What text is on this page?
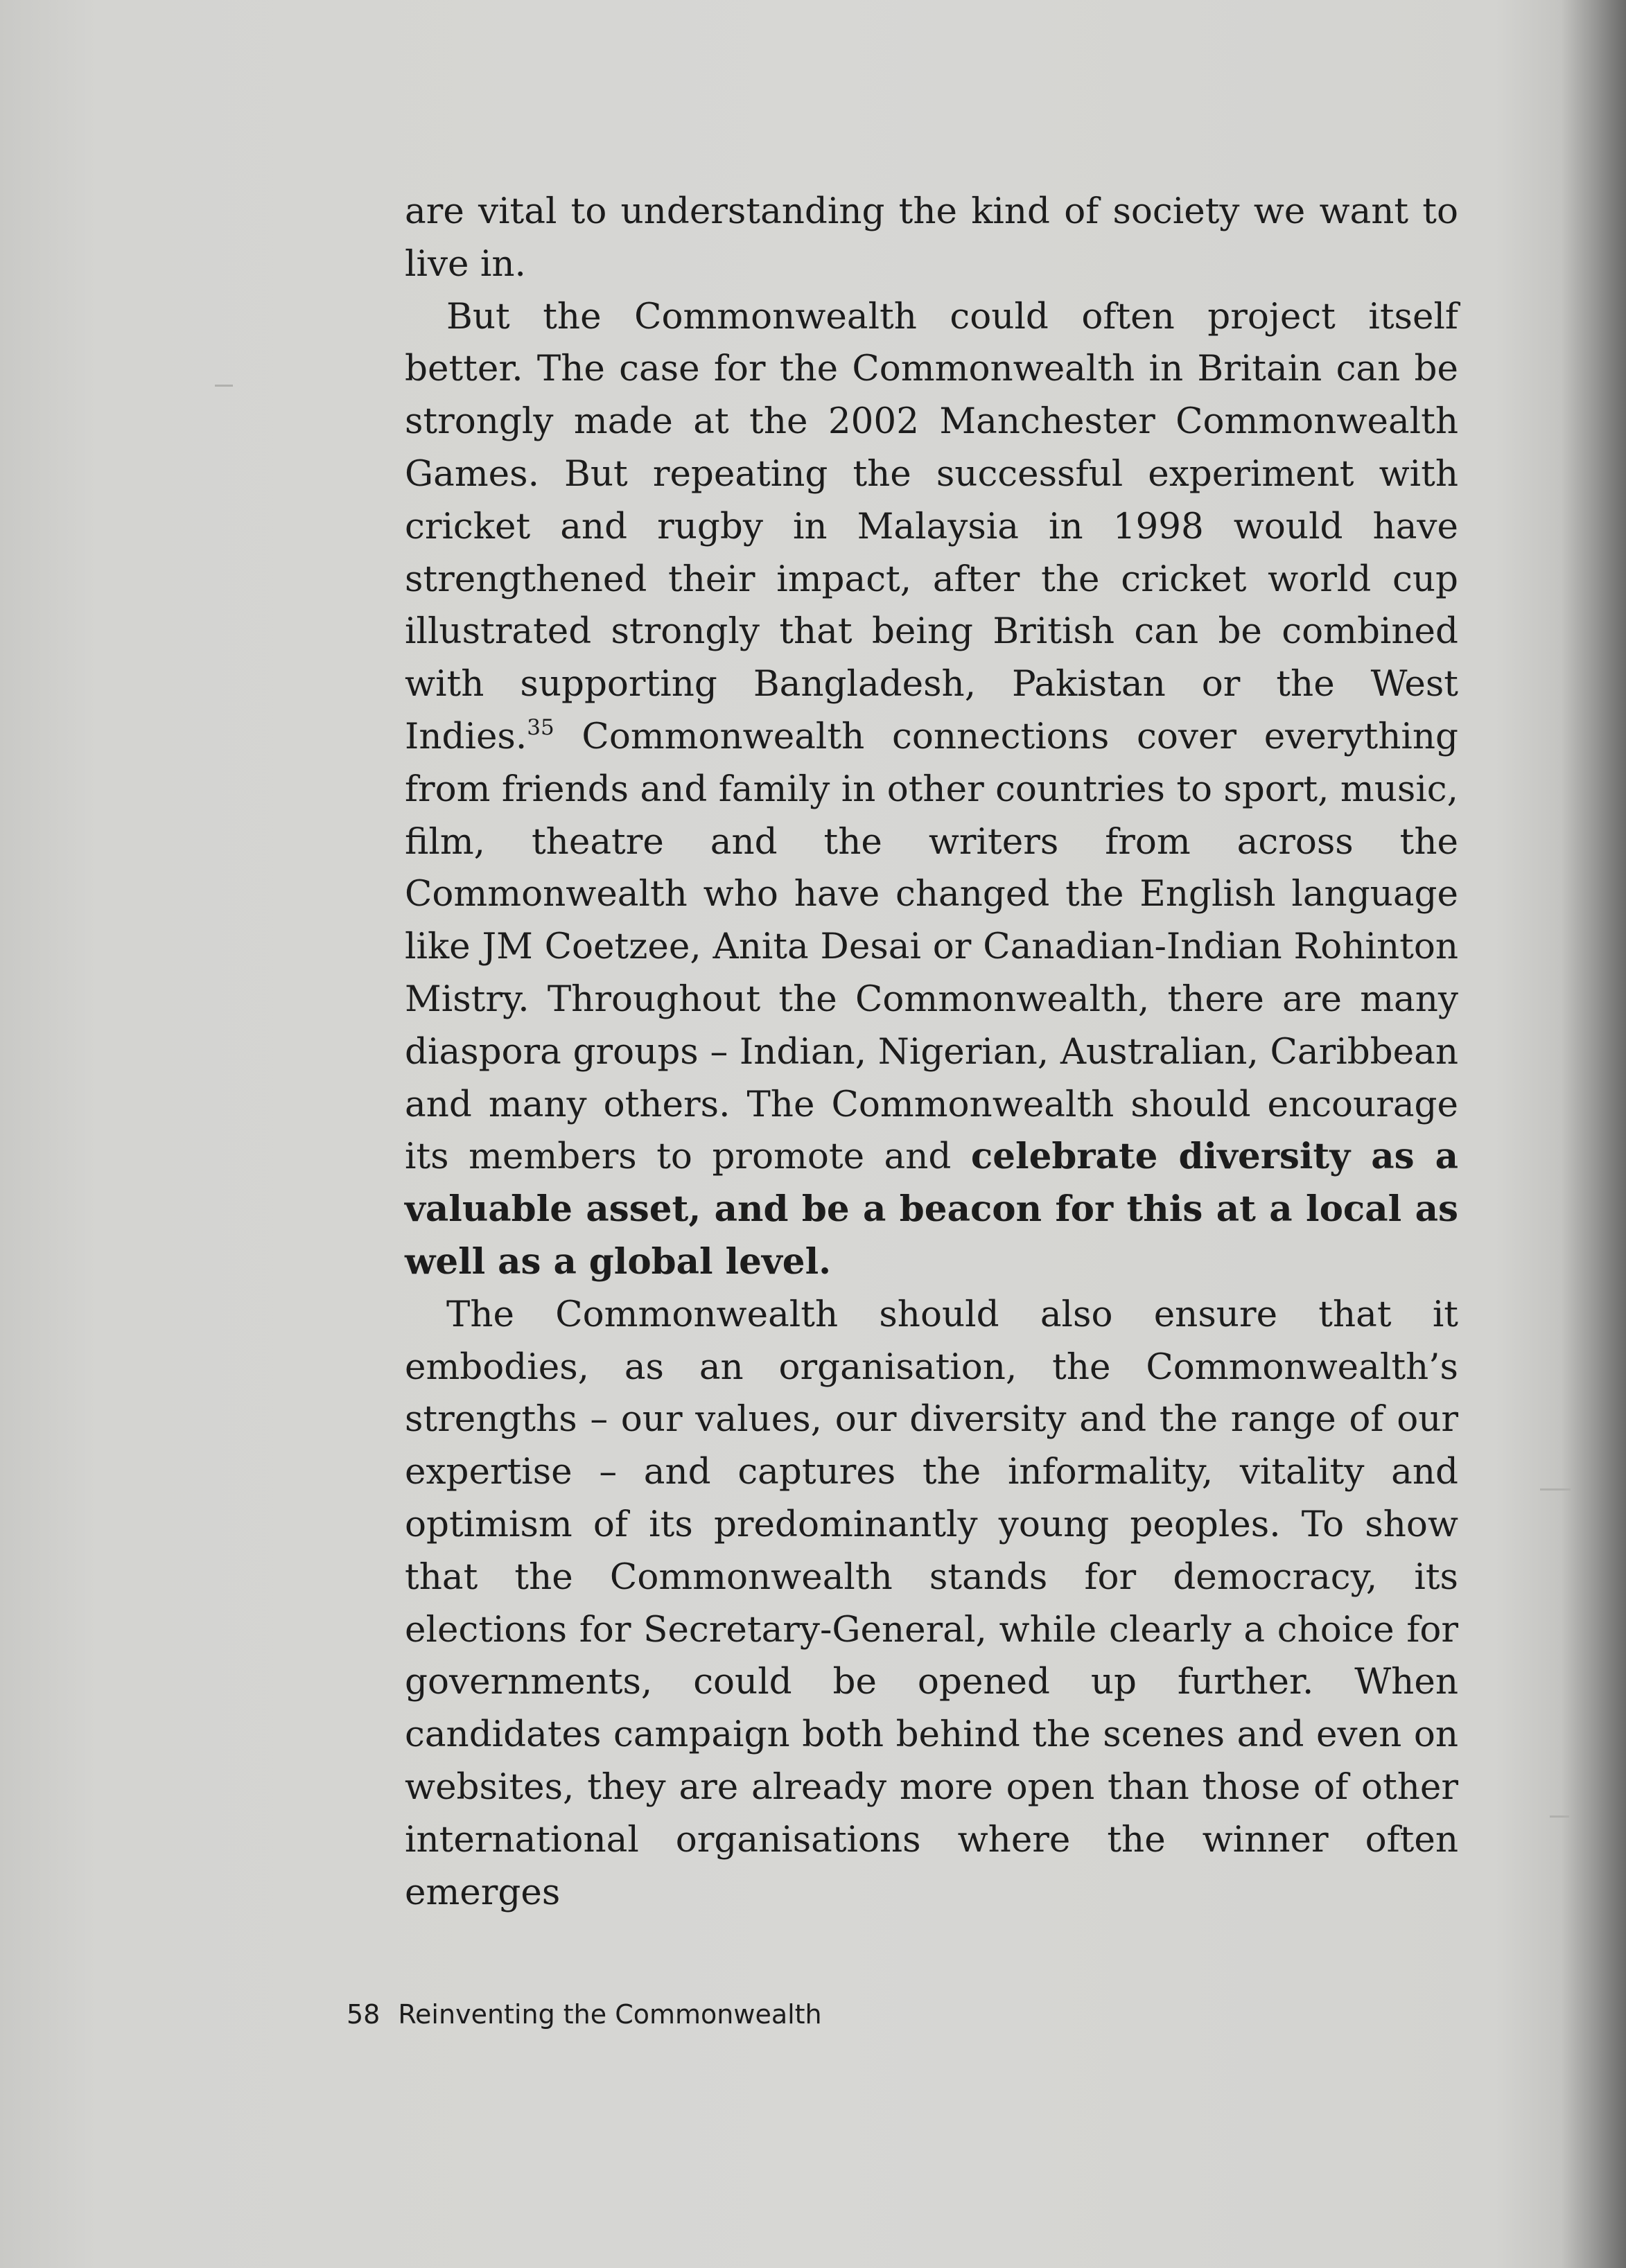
are vital to understanding the kind of society we want to live in.

But the Commonwealth could often project itself better. The case for the Commonwealth in Britain can be strongly made at the 2002 Manchester Commonwealth Games. But repeating the successful experiment with cricket and rugby in Malaysia in 1998 would have strengthened their impact, after the cricket world cup illustrated strongly that being British can be combined with supporting Bangladesh, Pakistan or the West Indies.$^{35}$ Commonwealth connections cover everything from friends and family in other countries to sport, music, film, theatre and the writers from across the Commonwealth who have changed the English language like JM Coetzee, Anita Desai or Canadian-Indian Rohinton Mistry. Throughout the Commonwealth, there are many diaspora groups – Indian, Nigerian, Australian, Caribbean and many others. The Commonwealth should encourage its members to promote and celebrate diversity as a valuable asset, and be a beacon for this at a local as well as a global level.

The Commonwealth should also ensure that it embodies, as an organisation, the Commonwealth’s strengths – our values, our diversity and the range of our expertise – and captures the informality, vitality and optimism of its predominantly young peoples. To show that the Commonwealth stands for democracy, its elections for Secretary-General, while clearly a choice for governments, could be opened up further. When candidates campaign both behind the scenes and even on websites, they are already more open than those of other international organisations where the winner often emerges

58 Reinventing the Commonwealth
